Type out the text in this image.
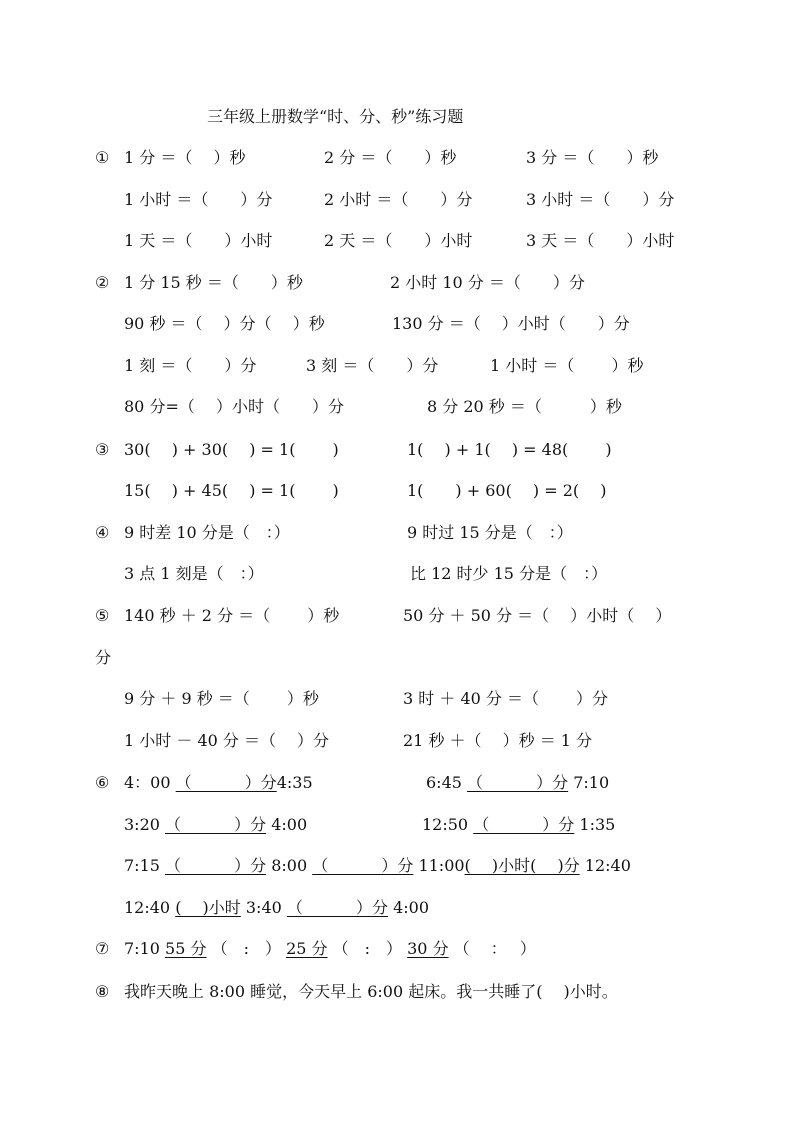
三年级上册数学“时、分、秒”练习题
① 1 分 ＝（　 ）秒	2 分 ＝（　　）秒	3 分 ＝（　　）秒
1 小时 ＝（　　）分	2 小时 ＝（　　）分	3 小时 ＝（　　）分
1 天 ＝（　　）小时	2 天 ＝（　　）小时	3 天 ＝（　　）小时
② 1 分 15 秒 ＝（　　）秒	2 小时 10 分 ＝（　　）分
90 秒 ＝（　 ）分（　 ）秒	130 分 ＝（　 ）小时（　　）分
1 刻 ＝（　　）分	3 刻 ＝（　　）分	1 小时 ＝（　　 ）秒
80 分=（　 ）小时（　　）分	8 分 20 秒 ＝（　　　）秒
③ 30(　 ) + 30(　 ) = 1(　　 )	1(　 ) + 1(　 ) = 48(　　 )
15(　 ) + 45(　 ) = 1(　　 )	1(　　) + 60(　 ) = 2(　 )
④ 9 时差 10 分是（　：）	9 时过 15 分是（　：）
3 点 1 刻是（　：）	比 12 时少 15 分是（　：）
⑤ 140 秒 ＋ 2 分 ＝（　　 ）秒	50 分 ＋ 50 分 ＝（　 ）小时（　 ）
分
9 分 ＋ 9 秒 ＝（　　 ）秒	3 时 ＋ 40 分 ＝（　　 ）分
1 小时 － 40 分 ＝（　 ）分	21 秒 ＋（　 ）秒 ＝ 1 分
⑥ 4：00 （　　　 ）分4:35	6:45 （　　　 ）分 7:10
3:20 （　　　 ）分 4:00	12:50 （　　　 ）分 1:35
7:15 （　　　 ）分 8:00 （　　　 ）分 11:00(　 )小时(　 )分 12:40
12:40 (　 )小时 3:40 （　　　 ）分 4:00
⑦ 7:10 55 分 （　:　） 25 分 （　:　） 30 分 （　 ：　 ）
⑧ 我昨天晚上 8:00 睡觉，今天早上 6:00 起床。我一共睡了(　 )小时。
